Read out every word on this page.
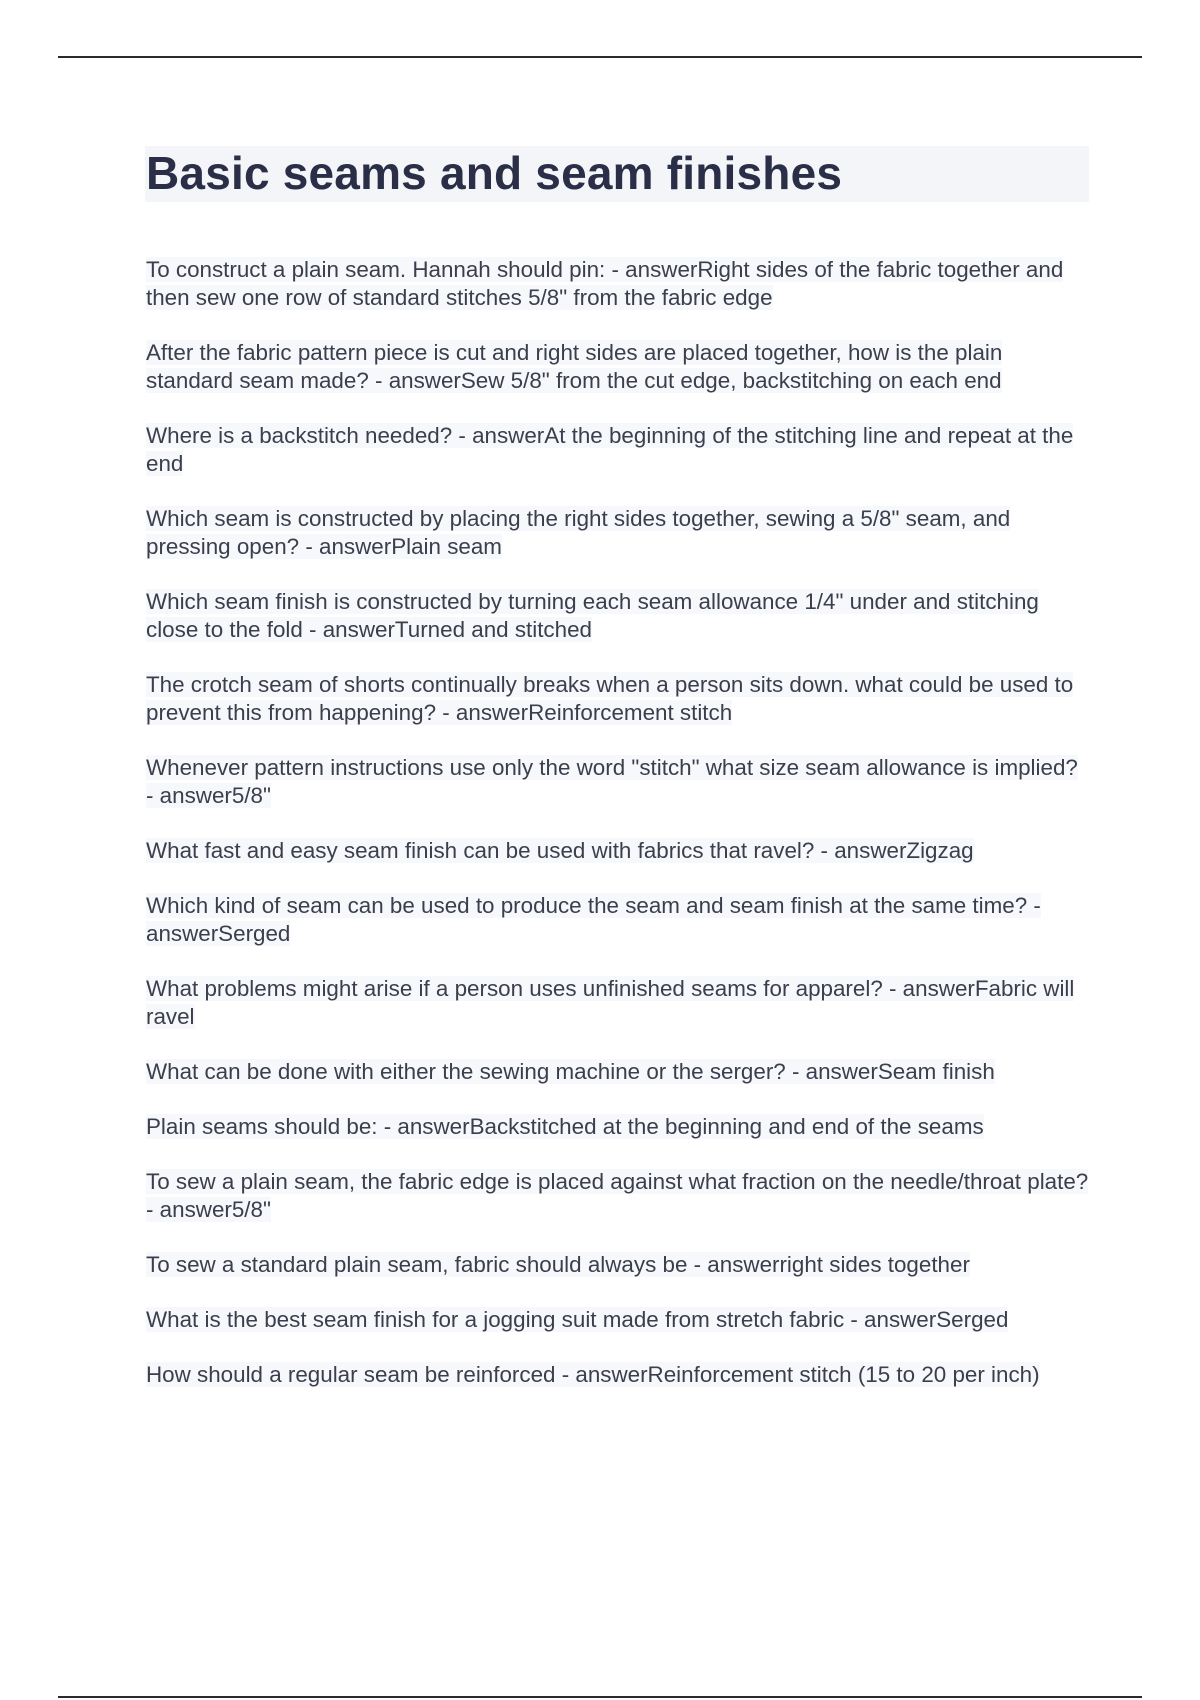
Basic seams and seam finishes

To construct a plain seam. Hannah should pin: - answerRight sides of the fabric together and then sew one row of standard stitches 5/8" from the fabric edge

After the fabric pattern piece is cut and right sides are placed together, how is the plain standard seam made? - answerSew 5/8" from the cut edge, backstitching on each end

Where is a backstitch needed? - answerAt the beginning of the stitching line and repeat at the end

Which seam is constructed by placing the right sides together, sewing a 5/8" seam, and pressing open? - answerPlain seam

Which seam finish is constructed by turning each seam allowance 1/4" under and stitching close to the fold - answerTurned and stitched

The crotch seam of shorts continually breaks when a person sits down. what could be used to prevent this from happening? - answerReinforcement stitch

Whenever pattern instructions use only the word "stitch" what size seam allowance is implied? - answer5/8"

What fast and easy seam finish can be used with fabrics that ravel? - answerZigzag

Which kind of seam can be used to produce the seam and seam finish at the same time? - answerSerged

What problems might arise if a person uses unfinished seams for apparel? - answerFabric will ravel

What can be done with either the sewing machine or the serger? - answerSeam finish

Plain seams should be: - answerBackstitched at the beginning and end of the seams

To sew a plain seam, the fabric edge is placed against what fraction on the needle/throat plate? - answer5/8"

To sew a standard plain seam, fabric should always be - answerright sides together

What is the best seam finish for a jogging suit made from stretch fabric - answerSerged

How should a regular seam be reinforced - answerReinforcement stitch (15 to 20 per inch)
